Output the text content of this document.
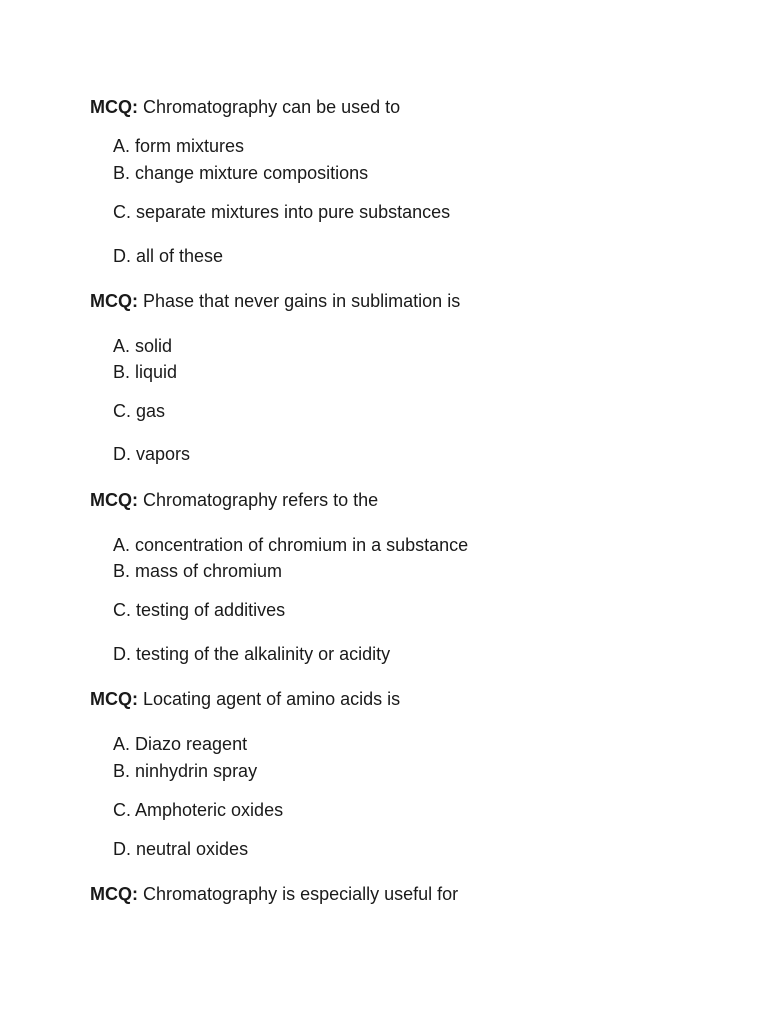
MCQ: Chromatography can be used to
A. form mixtures
B. change mixture compositions
C. separate mixtures into pure substances
D. all of these
MCQ: Phase that never gains in sublimation is
A. solid
B. liquid
C. gas
D. vapors
MCQ: Chromatography refers to the
A. concentration of chromium in a substance
B. mass of chromium
C. testing of additives
D. testing of the alkalinity or acidity
MCQ: Locating agent of amino acids is
A. Diazo reagent
B. ninhydrin spray
C. Amphoteric oxides
D. neutral oxides
MCQ: Chromatography is especially useful for
